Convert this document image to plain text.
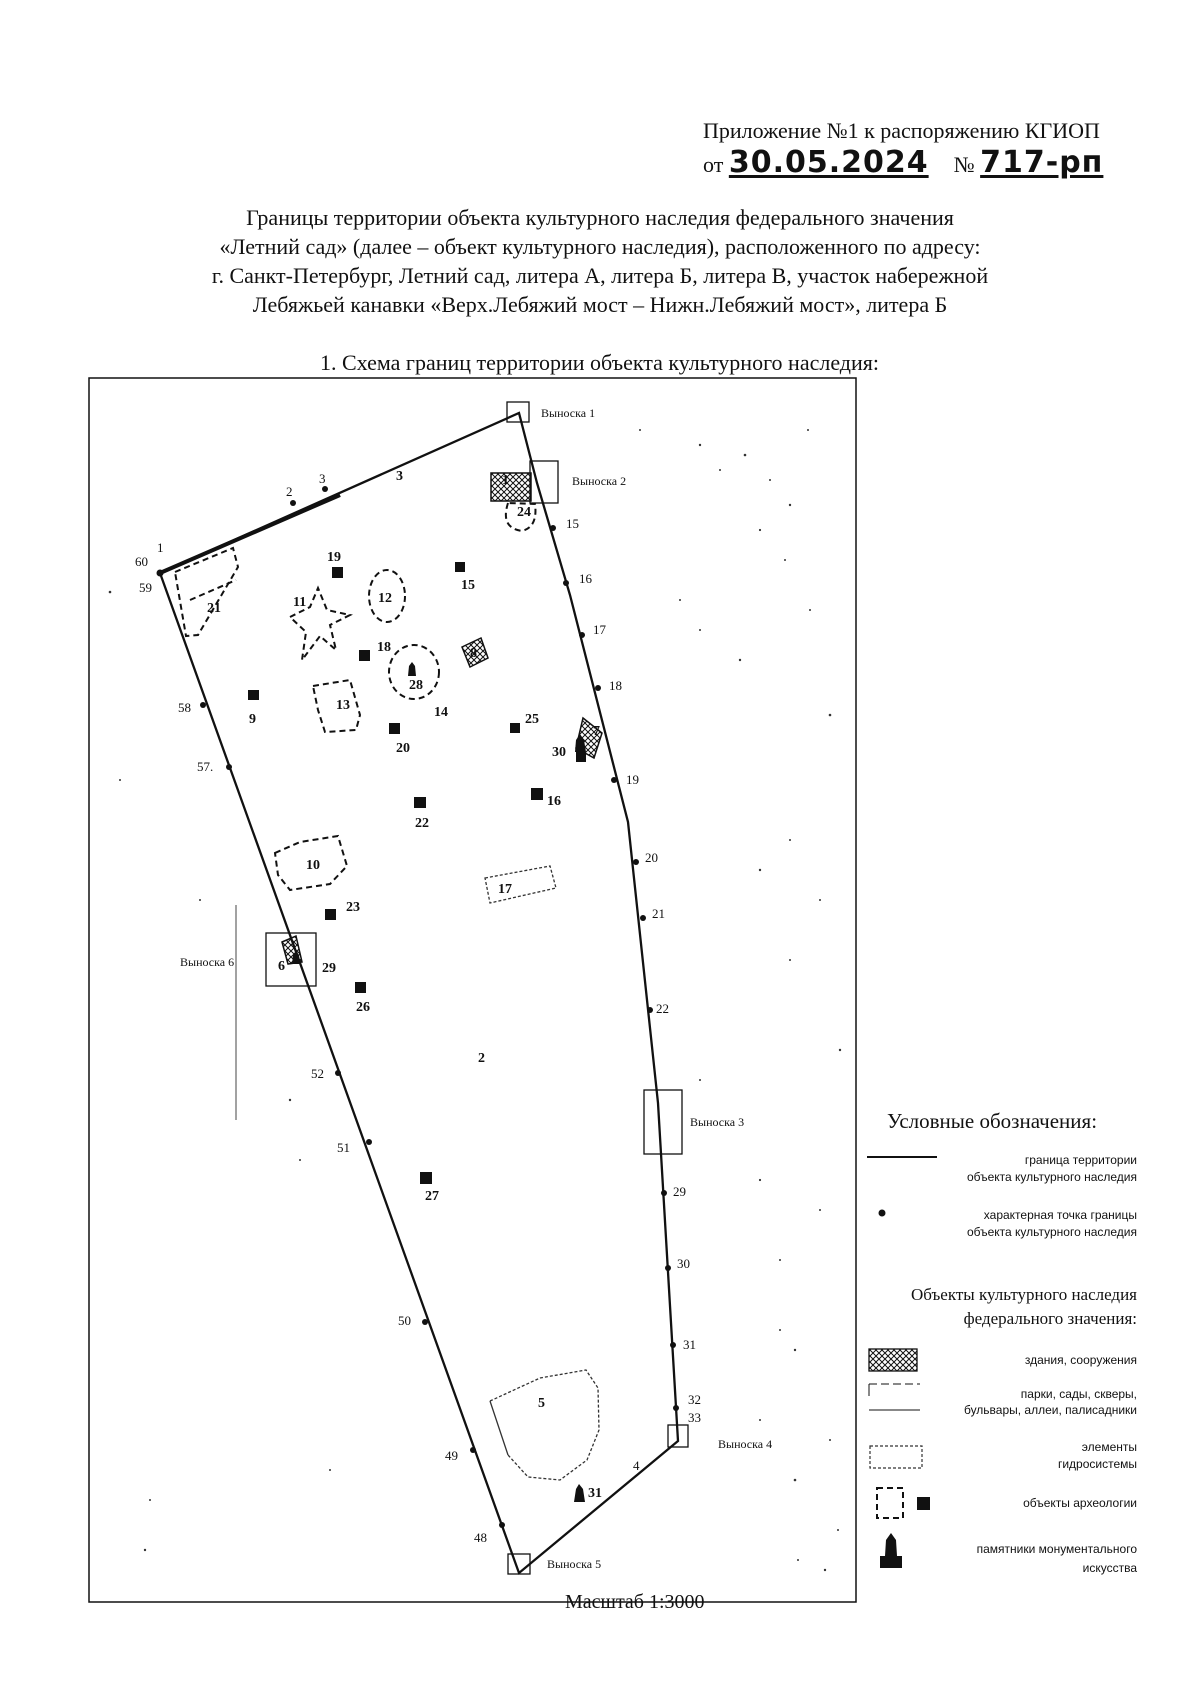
Приложение №1 к распоряжению КГИОП
от 30.05.2024 № 717-рп
Границы территории объекта культурного наследия федерального значения
«Летний сад» (далее – объект культурного наследия), расположенного по адресу:
г. Санкт-Петербург, Летний сад, литера А, литера Б, литера В, участок набережной
Лебяжьей канавки «Верх.Лебяжий мост – Нижн.Лебяжий мост», литера Б
1. Схема границ территории объекта культурного наследия:
Выноска 1
Выноска 2
Выноска 3
Выноска 4
Выноска 5
Выноска 6
1
2
3
4
15
16
17
18
19
20
21
22
29
30
31
32
33
48
49
50
51
52
57.
58
59
60
1
2
3
5
6
7
8
9
10
11	12
13	14
15
16
17
18
19
20
21
22
23
24
25
26
27
28
29
30
31
Условные обозначения:
граница территории
объекта культурного наследия
характерная точка границы
объекта культурного наследия
Объекты культурного наследия
федерального значения:
здания, сооружения
парки, сады, скверы,
бульвары, аллеи, палисадники
элементы
гидросистемы
объекты археологии
памятники монументального
искусства
Масштаб 1:3000
